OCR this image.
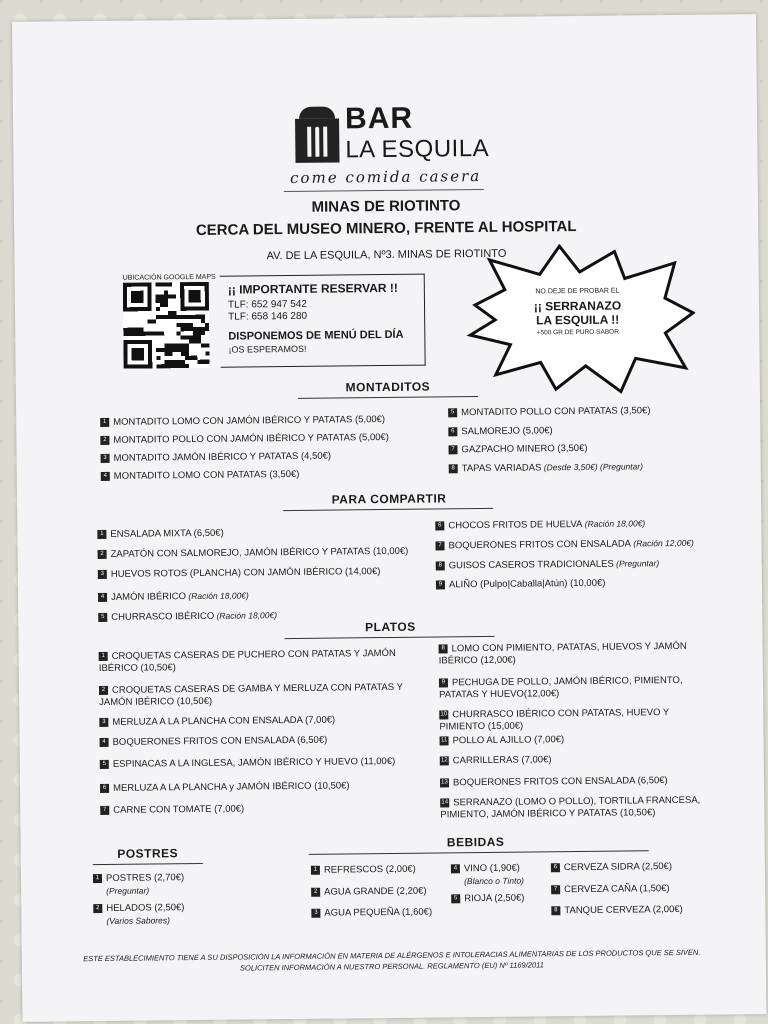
BAR
LA ESQUILA
come comida casera
MINAS DE RIOTINTO
CERCA DEL MUSEO MINERO, FRENTE AL HOSPITAL
AV. DE LA ESQUILA, Nº3. MINAS DE RIOTINTO
UBICACIÓN GOOGLE MAPS
¡¡ IMPORTANTE RESERVAR !!
TLF: 652 947 542
TLF: 658 146 280
DISPONEMOS DE MENÚ DEL DÍA
¡OS ESPERAMOS!
NO DEJE DE PROBAR EL
¡¡ SERRANAZO
LA ESQUILA !!
+500 GR DE PURO SABOR
MONTADITOS
1 MONTADITO LOMO CON JAMÓN IBÉRICO Y PATATAS (5,00€)
2 MONTADITO POLLO CON JAMÓN IBÉRICO Y PATATAS (5,00€)
3 MONTADITO JAMÓN IBÉRICO Y PATATAS (4,50€)
4 MONTADITO LOMO CON PATATAS (3,50€)
5 MONTADITO POLLO CON PATATAS (3,50€)
6 SALMOREJO (5,00€)
7 GAZPACHO MINERO (3,50€)
8 TAPAS VARIADAS (Desde 3,50€) (Preguntar)
PARA COMPARTIR
1 ENSALADA MIXTA (6,50€)
2 ZAPATÓN CON SALMOREJO, JAMÓN IBÉRICO Y PATATAS (10,00€)
3 HUEVOS ROTOS (PLANCHA) CON JAMÓN IBÉRICO (14,00€)
4 JAMÓN IBÉRICO (Ración 18,00€)
5 CHURRASCO IBÉRICO (Ración 18,00€)
6 CHOCOS FRITOS DE HUELVA (Ración 18,00€)
7 BOQUERONES FRITOS CON ENSALADA (Ración 12,00€)
8 GUISOS CASEROS TRADICIONALES (Preguntar)
9 ALIÑO (Pulpo|Caballa|Atún) (10,00€)
PLATOS
1 CROQUETAS CASERAS DE PUCHERO CON PATATAS Y JAMÓN IBÉRICO (10,50€)
2 CROQUETAS CASERAS DE GAMBA Y MERLUZA CON PATATAS Y JAMÓN IBÉRICO (10,50€)
3 MERLUZA A LA PLANCHA CON ENSALADA (7,00€)
4 BOQUERONES FRITOS CON ENSALADA (6,50€)
5 ESPINACAS A LA INGLESA, JAMÓN IBÉRICO Y HUEVO (11,00€)
6 MERLUZA A LA PLANCHA y JAMÓN IBÉRICO (10,50€)
7 CARNE CON TOMATE (7,00€)
8 LOMO CON PIMIENTO, PATATAS, HUEVOS Y JAMÓN IBÉRICO (12,00€)
9 PECHUGA DE POLLO, JAMÓN IBÉRICO, PIMIENTO, PATATAS Y HUEVO(12,00€)
10 CHURRASCO IBÉRICO CON PATATAS, HUEVO Y PIMIENTO (15,00€)
11 POLLO AL AJILLO (7,00€)
12 CARRILLERAS (7,00€)
13 BOQUERONES FRITOS CON ENSALADA (6,50€)
14 SERRANAZO (LOMO O POLLO), TORTILLA FRANCESA, PIMIENTO, JAMÓN IBÉRICO Y PATATAS (10,50€)
POSTRES
1 POSTRES (2,70€)
(Preguntar)
2 HELADOS (2,50€)
(Varios Sabores)
BEBIDAS
1 REFRESCOS (2,00€)
2 AGUA GRANDE (2,20€)
3 AGUA PEQUEÑA (1,60€)
4 VINO (1,90€)
(Blanco o Tinto)
5 RIOJA (2,50€)
6 CERVEZA SIDRA (2,50€)
7 CERVEZA CAÑA (1,50€)
8 TANQUE CERVEZA (2,00€)
ESTE ESTABLECIMIENTO TIENE A SU DISPOSICIÓN LA INFORMACIÓN EN MATERIA DE ALÉRGENOS E INTOLERACIAS ALIMENTARIAS DE LOS PRODUCTOS QUE SE SIVEN.
SOLICITEN INFORMACIÓN A NUESTRO PERSONAL. REGLAMENTO (EU) Nº 1169/2011
